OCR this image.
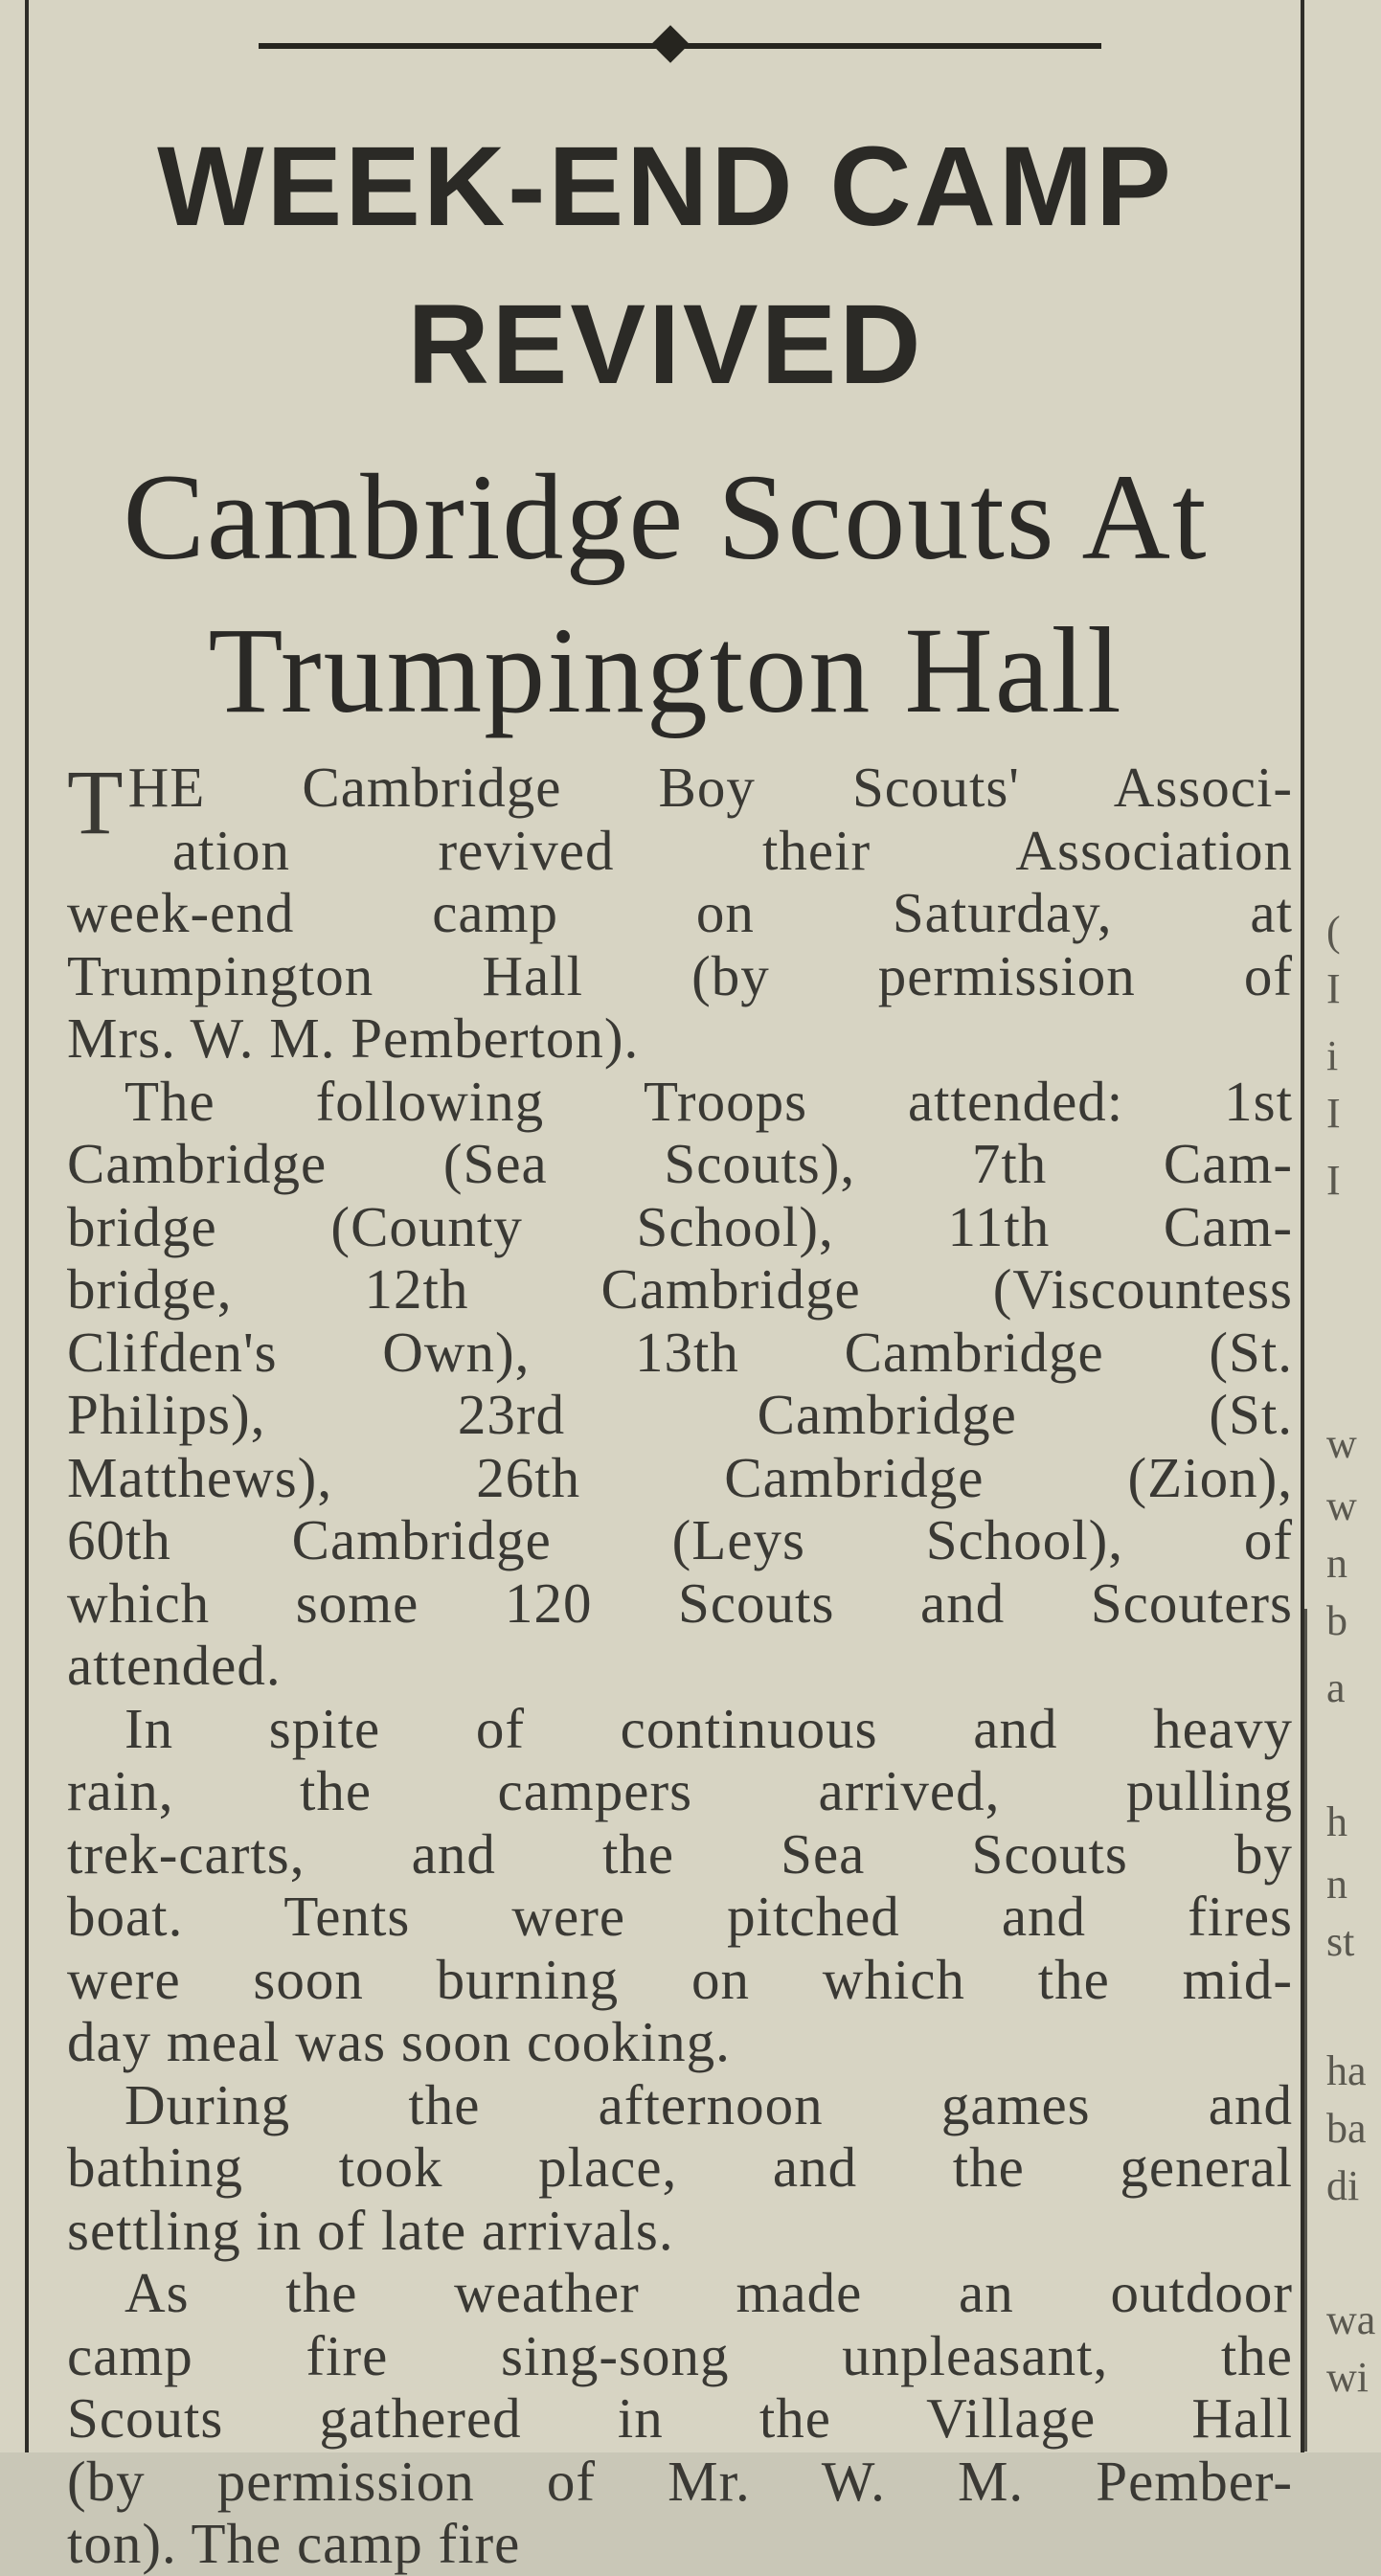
WEEK-END CAMP
REVIVED
Cambridge Scouts At
Trumpington Hall
T HE Cambridge Boy Scouts' Associ-
ation revived their Association
week-end camp on Saturday, at
Trumpington Hall (by permission of
Mrs. W. M. Pemberton).
The following Troops attended: 1st
Cambridge (Sea Scouts), 7th Cam-
bridge (County School), 11th Cam-
bridge, 12th Cambridge (Viscountess
Clifden's Own), 13th Cambridge (St.
Philips), 23rd Cambridge (St.
Matthews), 26th Cambridge (Zion),
60th Cambridge (Leys School), of
which some 120 Scouts and Scouters
attended.
In spite of continuous and heavy
rain, the campers arrived, pulling
trek-carts, and the Sea Scouts by
boat. Tents were pitched and fires
were soon burning on which the mid-
day meal was soon cooking.
During the afternoon games and
bathing took place, and the general
settling in of late arrivals.
As the weather made an outdoor
camp fire sing-song unpleasant, the
Scouts gathered in the Village Hall
(by permission of Mr. W. M. Pember-
ton). The camp fire
(
I
i
I
I
w
w
n
b
a
h
n
st
ha
ba
di
wa
wi
